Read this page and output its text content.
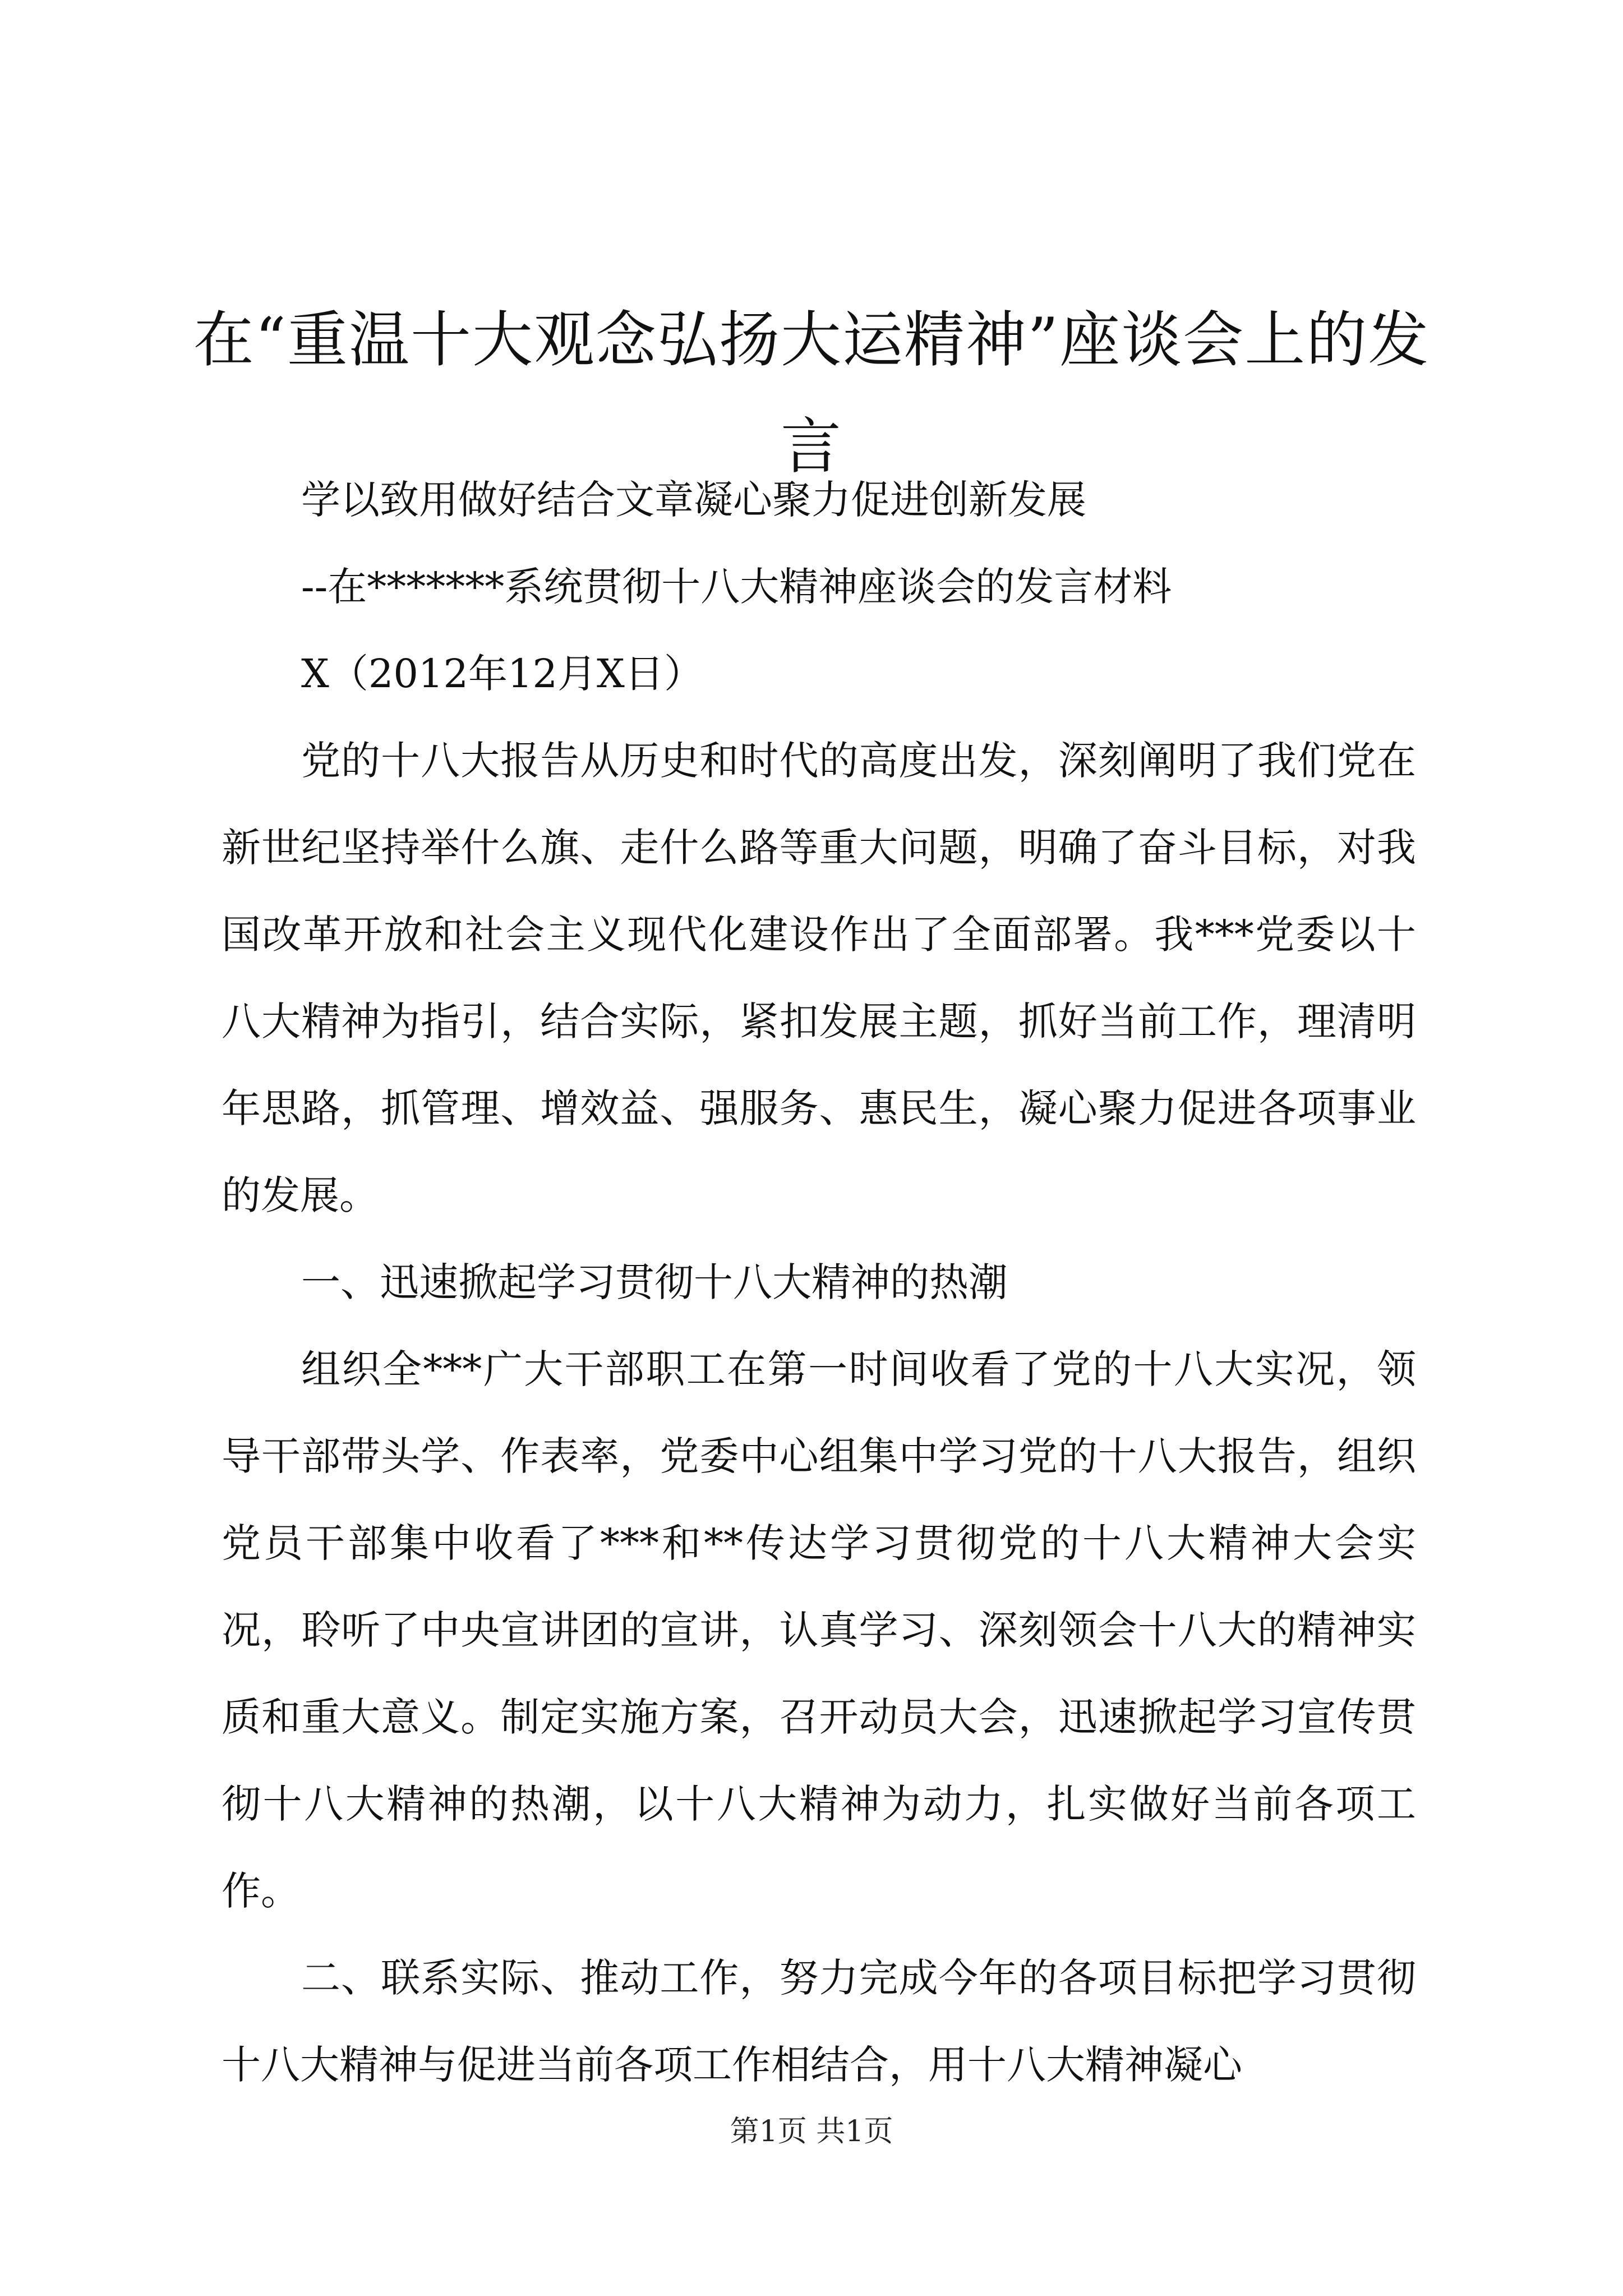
在“重温十大观念弘扬大运精神”座谈会上的发言

学以致用做好结合文章凝心聚力促进创新发展

--在*******系统贯彻十八大精神座谈会的发言材料

X（2012年12月X日）

党的十八大报告从历史和时代的高度出发，深刻阐明了我们党在新世纪坚持举什么旗、走什么路等重大问题，明确了奋斗目标，对我国改革开放和社会主义现代化建设作出了全面部署。我***党委以十八大精神为指引，结合实际，紧扣发展主题，抓好当前工作，理清明年思路，抓管理、增效益、强服务、惠民生，凝心聚力促进各项事业的发展。

一、迅速掀起学习贯彻十八大精神的热潮

组织全***广大干部职工在第一时间收看了党的十八大实况，领导干部带头学、作表率，党委中心组集中学习党的十八大报告，组织党员干部集中收看了***和**传达学习贯彻党的十八大精神大会实况，聆听了中央宣讲团的宣讲，认真学习、深刻领会十八大的精神实质和重大意义。制定实施方案，召开动员大会，迅速掀起学习宣传贯彻十八大精神的热潮，以十八大精神为动力，扎实做好当前各项工作。

二、联系实际、推动工作，努力完成今年的各项目标把学习贯彻十八大精神与促进当前各项工作相结合，用十八大精神凝心

第1页 共1页
